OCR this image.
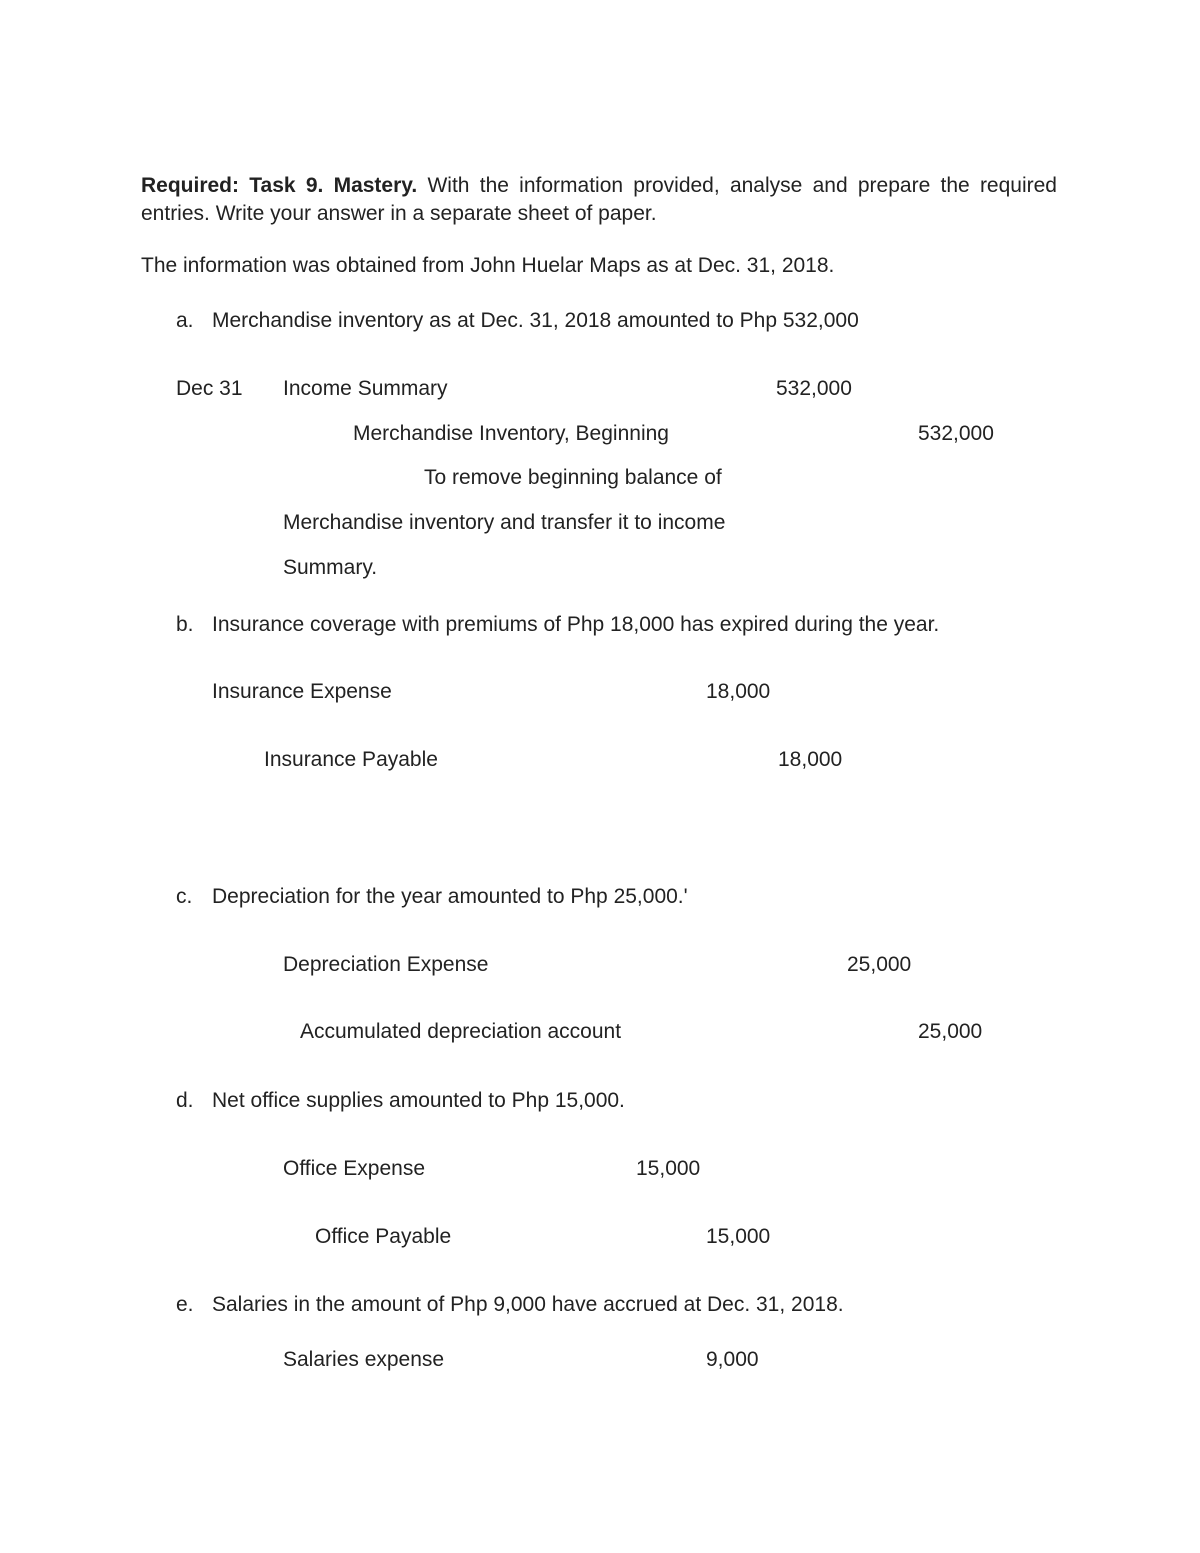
Required: Task 9. Mastery. With the information provided, analyse and prepare the required entries. Write your answer in a separate sheet of paper.
The information was obtained from John Huelar Maps as at Dec. 31, 2018.
a. Merchandise inventory as at Dec. 31, 2018 amounted to Php 532,000
Dec 31 Income Summary	532,000
Merchandise Inventory, Beginning	532,000
To remove beginning balance of
Merchandise inventory and transfer it to income
Summary.
b. Insurance coverage with premiums of Php 18,000 has expired during the year.
Insurance Expense	18,000
Insurance Payable	18,000
c. Depreciation for the year amounted to Php 25,000.'
Depreciation Expense	25,000
Accumulated depreciation account	25,000
d. Net office supplies amounted to Php 15,000.
Office Expense	15,000
Office Payable	15,000
e. Salaries in the amount of Php 9,000 have accrued at Dec. 31, 2018.
Salaries expense	9,000
